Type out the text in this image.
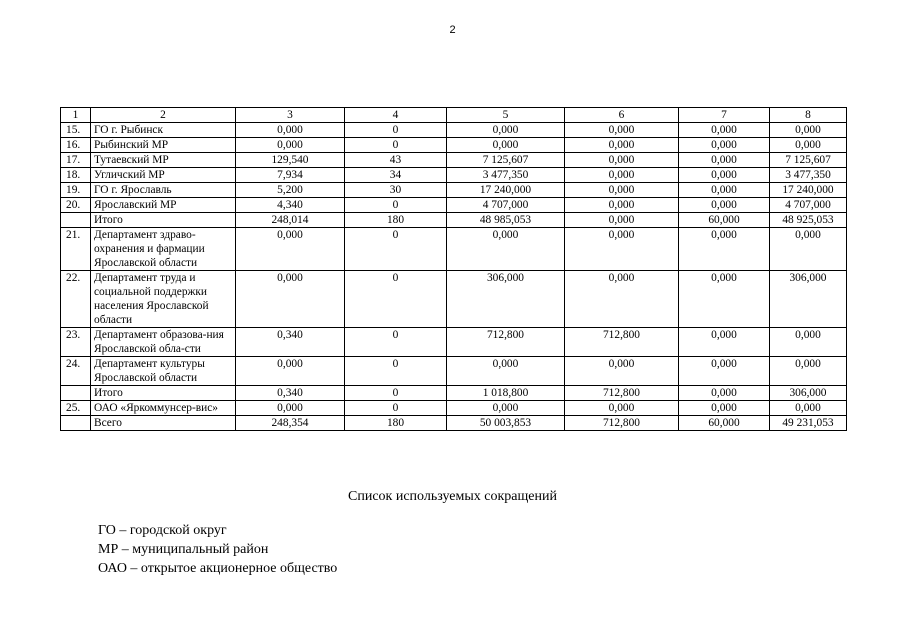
2
1	2	3	4	5	6	7	8
15.	ГО г. Рыбинск	0,000	0	0,000	0,000	0,000	0,000
16.	Рыбинский МР	0,000	0	0,000	0,000	0,000	0,000
17.	Тутаевский МР	129,540	43	7 125,607	0,000	0,000	7 125,607
18.	Угличский МР	7,934	34	3 477,350	0,000	0,000	3 477,350
19.	ГО г. Ярославль	5,200	30	17 240,000	0,000	0,000	17 240,000
20.	Ярославский МР	4,340	0	4 707,000	0,000	0,000	4 707,000
	Итого	248,014	180	48 985,053	0,000	60,000	48 925,053
21.	Департамент здраво-охранения и фармации Ярославской области	0,000	0	0,000	0,000	0,000	0,000
22.	Департамент труда и социальной поддержки населения Ярославской области	0,000	0	306,000	0,000	0,000	306,000
23.	Департамент образова-ния Ярославской обла-сти	0,340	0	712,800	712,800	0,000	0,000
24.	Департамент культуры Ярославской области	0,000	0	0,000	0,000	0,000	0,000
	Итого	0,340	0	1 018,800	712,800	0,000	306,000
25.	ОАО «Яркоммунсер-вис»	0,000	0	0,000	0,000	0,000	0,000
	Всего	248,354	180	50 003,853	712,800	60,000	49 231,053
Список используемых сокращений
ГО – городской округ
МР – муниципальный район
ОАО – открытое акционерное общество
